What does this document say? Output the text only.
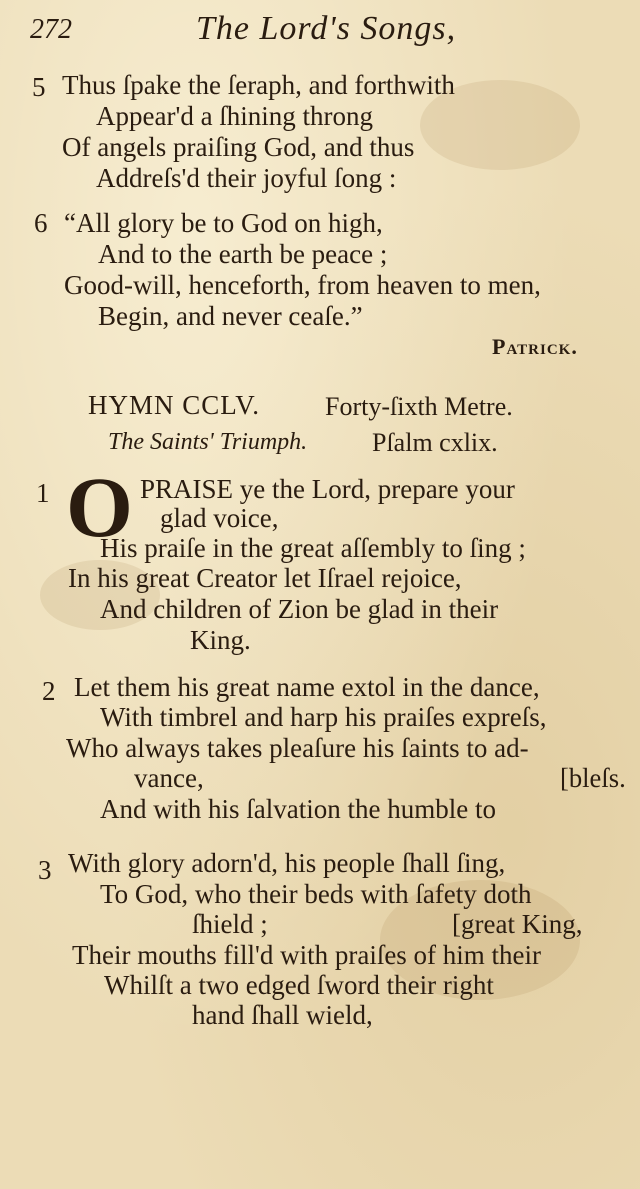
272	The Lord's Songs,
5 Thus ſpake the ſeraph, and forthwith
Appear'd a ſhining throng
Of angels praiſing God, and thus
Addreſs'd their joyful ſong :
6 “All glory be to God on high,
And to the earth be peace ;
Good-will, henceforth, from heaven to men,
Begin, and never ceaſe.”
Patrick.
HYMN CCLV. Forty-ſixth Metre.
The Saints' Triumph. Pſalm cxlix.
1 O PRAISE ye the Lord, prepare your
glad voice,
His praiſe in the great aſſembly to ſing ;
In his great Creator let Iſrael rejoice,
And children of Zion be glad in their
King.
2 Let them his great name extol in the dance,
With timbrel and harp his praiſes expreſs,
Who always takes pleaſure his ſaints to ad-
vance,	[bleſs.
And with his ſalvation the humble to
3 With glory adorn'd, his people ſhall ſing,
To God, who their beds with ſafety doth
ſhield ;	[great King,
Their mouths fill'd with praiſes of him their
Whilſt a two edged ſword their right
hand ſhall wield,
